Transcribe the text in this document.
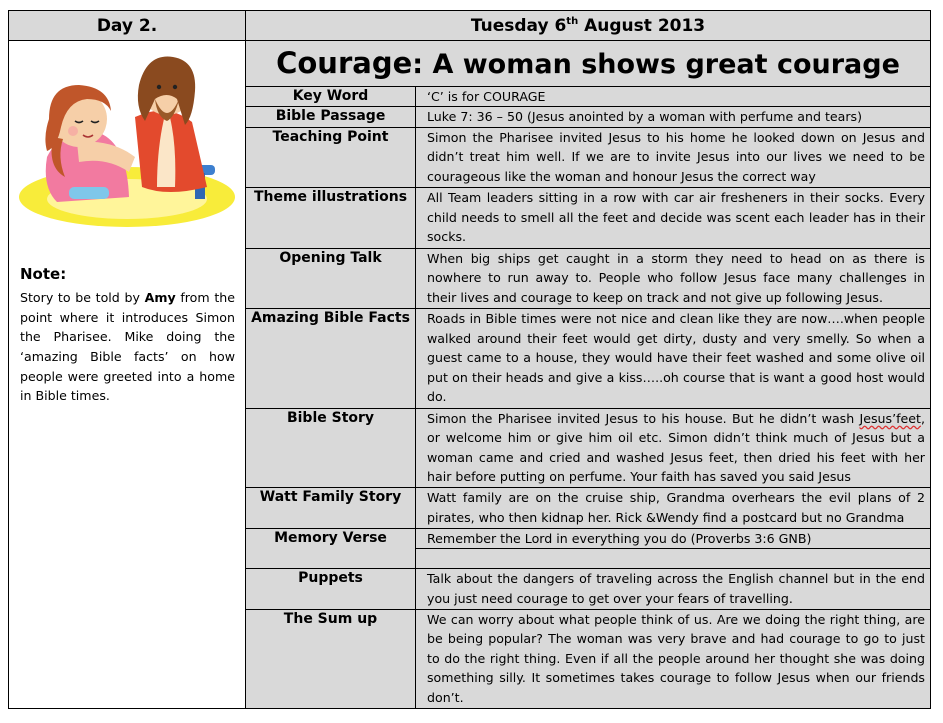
Day 2.	Tuesday 6th August 2013	

Note:
Story to be told by Amy from the point where it introduces Simon the Pharisee. Mike doing the ‘amazing Bible facts’ on how people were greeted into a home in Bible times.	Courage: A woman shows great courage	
	Key Word	‘C’ is for COURAGE
	Bible Passage	Luke 7: 36 – 50 (Jesus anointed by a woman with perfume and tears)
	Teaching Point	Simon the Pharisee invited Jesus to his home he looked down on Jesus and didn’t treat him well. If we are to invite Jesus into our lives we need to be courageous like the woman and honour Jesus the correct way
	Theme illustrations	All Team leaders sitting in a row with car air fresheners in their socks. Every child needs to smell all the feet and decide was scent each leader has in their socks.
	Opening Talk	When big ships get caught in a storm they need to head on as there is nowhere to run away to. People who follow Jesus face many challenges in their lives and courage to keep on track and not give up following Jesus.
	Amazing Bible Facts	Roads in Bible times were not nice and clean like they are now….when people walked around their feet would get dirty, dusty and very smelly. So when a guest came to a house, they would have their feet washed and some olive oil put on their heads and give a kiss…..oh course that is want a good host would do.
	Bible Story	Simon the Pharisee invited Jesus to his house. But he didn’t wash Jesus’feet, or welcome him or give him oil etc. Simon didn’t think much of Jesus but a woman came and cried and washed Jesus feet, then dried his feet with her hair before putting on perfume. Your faith has saved you said Jesus
	Watt Family Story	Watt family are on the cruise ship, Grandma overhears the evil plans of 2 pirates, who then kidnap her. Rick &Wendy find a postcard but no Grandma
	Memory Verse	Remember the Lord in everything you do (Proverbs 3:6 GNB)

	Puppets	Talk about the dangers of traveling across the English channel but in the end you just need courage to get over your fears of travelling.
	The Sum up	We can worry about what people think of us. Are we doing the right thing, are be being popular? The woman was very brave and had courage to go to just to do the right thing. Even if all the people around her thought she was doing something silly. It sometimes takes courage to follow Jesus when our friends don’t.
